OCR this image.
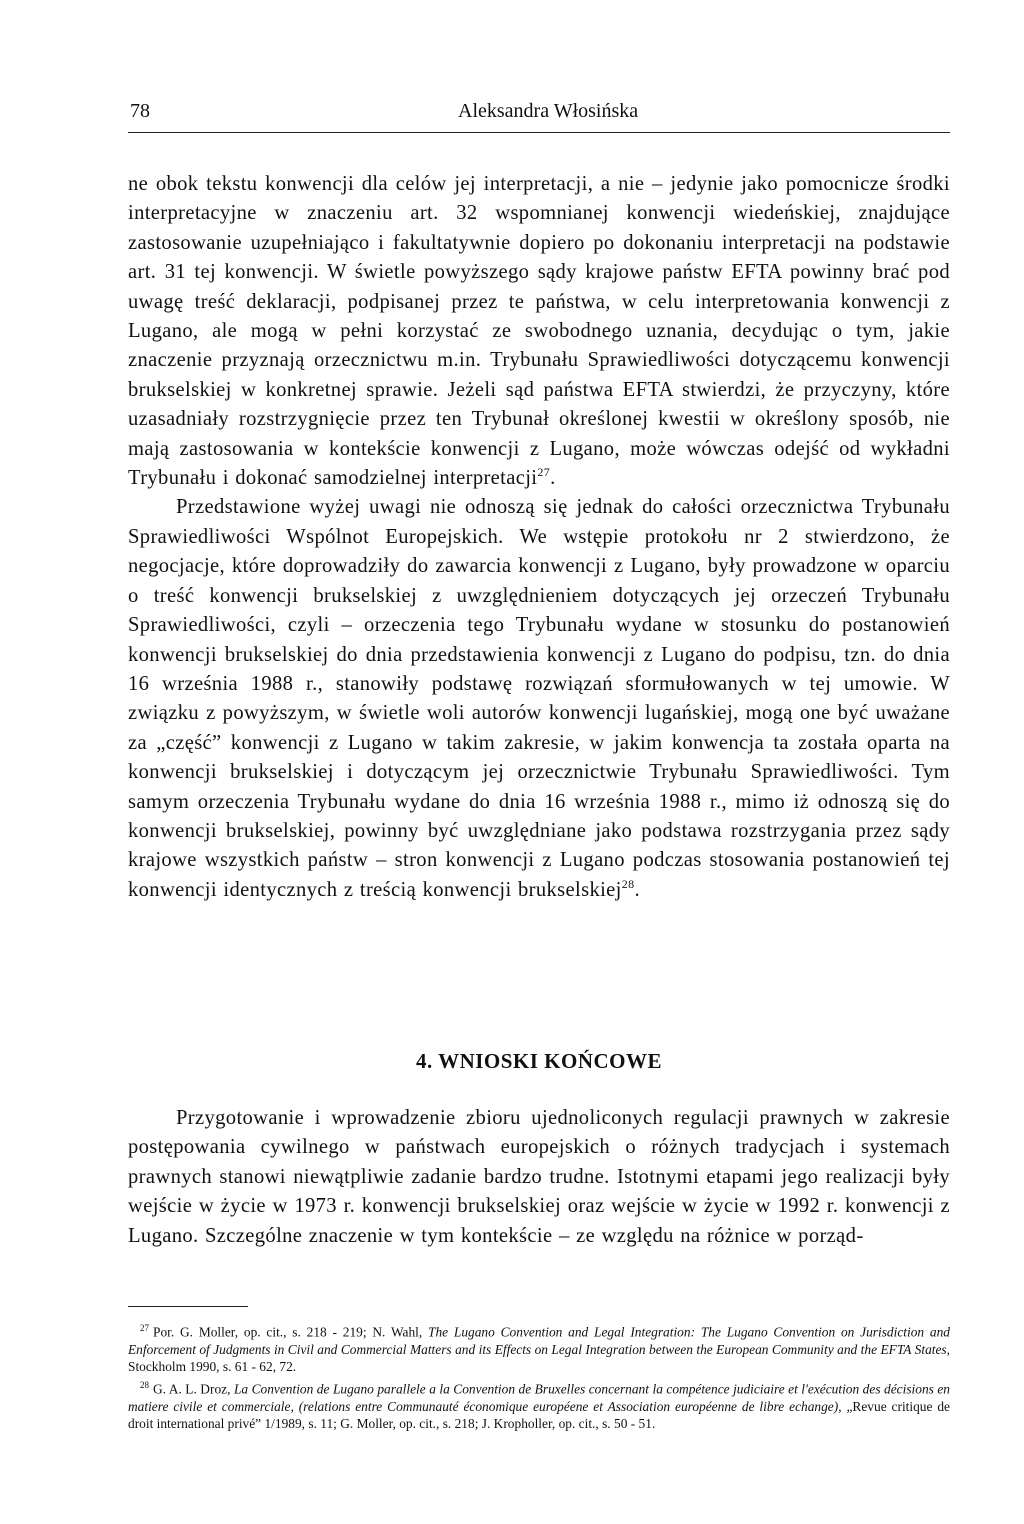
78	Aleksandra Włosińska

ne obok tekstu konwencji dla celów jej interpretacji, a nie – jedynie jako pomocnicze środki interpretacyjne w znaczeniu art. 32 wspomnianej konwencji wiedeńskiej, znajdujące zastosowanie uzupełniająco i fakultatywnie dopiero po dokonaniu interpretacji na podstawie art. 31 tej konwencji. W świetle powyższego sądy krajowe państw EFTA powinny brać pod uwagę treść deklaracji, podpisanej przez te państwa, w celu interpretowania konwencji z Lugano, ale mogą w pełni korzystać ze swobodnego uznania, decydując o tym, jakie znaczenie przyznają orzecznictwu m.in. Trybunału Sprawiedliwości dotyczącemu konwencji brukselskiej w konkretnej sprawie. Jeżeli sąd państwa EFTA stwierdzi, że przyczyny, które uzasadniały rozstrzygnięcie przez ten Trybunał określonej kwestii w określony sposób, nie mają zastosowania w kontekście konwencji z Lugano, może wówczas odejść od wykładni Trybunału i dokonać samodzielnej interpretacji$^{27}$.

Przedstawione wyżej uwagi nie odnoszą się jednak do całości orzecznictwa Trybunału Sprawiedliwości Wspólnot Europejskich. We wstępie protokołu nr 2 stwierdzono, że negocjacje, które doprowadziły do zawarcia konwencji z Lugano, były prowadzone w oparciu o treść konwencji brukselskiej z uwzględnieniem dotyczących jej orzeczeń Trybunału Sprawiedliwości, czyli – orzeczenia tego Trybunału wydane w stosunku do postanowień konwencji brukselskiej do dnia przedstawienia konwencji z Lugano do podpisu, tzn. do dnia 16 września 1988 r., stanowiły podstawę rozwiązań sformułowanych w tej umowie. W związku z powyższym, w świetle woli autorów konwencji lugańskiej, mogą one być uważane za „część” konwencji z Lugano w takim zakresie, w jakim konwencja ta została oparta na konwencji brukselskiej i dotyczącym jej orzecznictwie Trybunału Sprawiedliwości. Tym samym orzeczenia Trybunału wydane do dnia 16 września 1988 r., mimo iż odnoszą się do konwencji brukselskiej, powinny być uwzględniane jako podstawa rozstrzygania przez sądy krajowe wszystkich państw – stron konwencji z Lugano podczas stosowania postanowień tej konwencji identycznych z treścią konwencji brukselskiej$^{28}$.

4. WNIOSKI KOŃCOWE

Przygotowanie i wprowadzenie zbioru ujednoliconych regulacji prawnych w zakresie postępowania cywilnego w państwach europejskich o różnych tradycjach i systemach prawnych stanowi niewątpliwie zadanie bardzo trudne. Istotnymi etapami jego realizacji były wejście w życie w 1973 r. konwencji brukselskiej oraz wejście w życie w 1992 r. konwencji z Lugano. Szczególne znaczenie w tym kontekście – ze względu na różnice w porząd-

$^{27}$ Por. G. Moller, op. cit., s. 218 - 219; N. Wahl, The Lugano Convention and Legal Integration: The Lugano Convention on Jurisdiction and Enforcement of Judgments in Civil and Commercial Matters and its Effects on Legal Integration between the European Community and the EFTA States, Stockholm 1990, s. 61 - 62, 72.

$^{28}$ G. A. L. Droz, La Convention de Lugano parallele a la Convention de Bruxelles concernant la compétence judiciaire et l'exécution des décisions en matiere civile et commerciale, (relations entre Communauté économique européene et Association européenne de libre echange), „Revue critique de droit international privé” 1/1989, s. 11; G. Moller, op. cit., s. 218; J. Kropholler, op. cit., s. 50 - 51.
